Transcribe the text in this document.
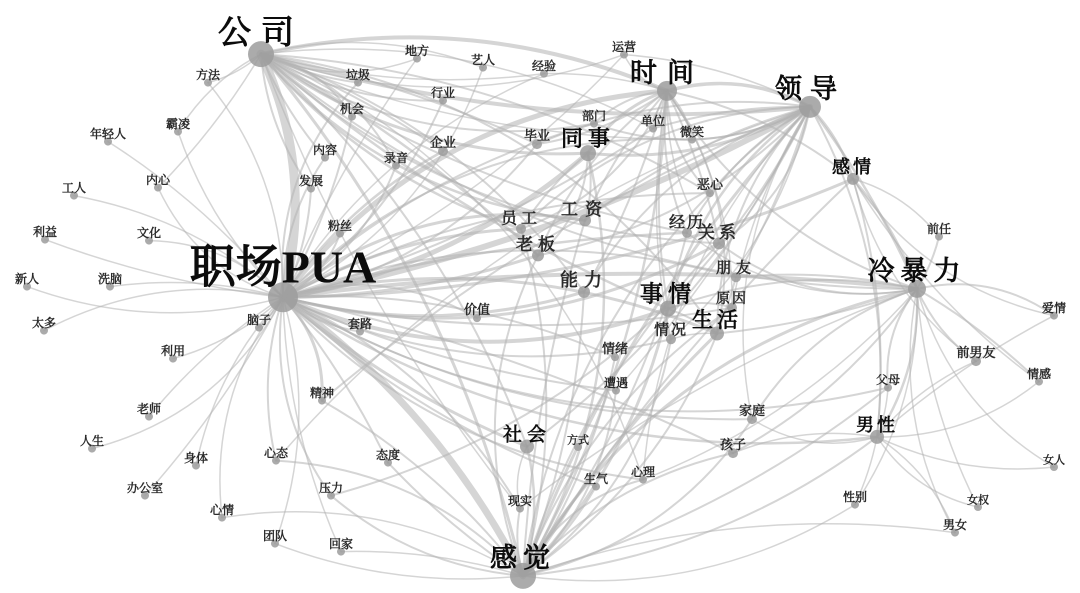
职场PUA
公司
时间
领导
冷暴力
感觉
事情
同事
生活
社会
感情
男性
能力
工资
老板
关系
员工	经历
朋友
情况
原因
毕业
企业
价值
情绪
恶心
家庭
孩子
前男友
方法
地方
垃圾
艺人	经验
运营
行业
机会
霸凌
年轻人
部门	单位
微笑
内容
录音
发展
内心
工人
利益	文化	粉丝
新人	洗脑
太多	脑子	套路
利用
遭遇
精神
老师
人生
身体	心态	态度
办公室	压力
心情
团队
回家
现实
生气 心理
父母
前任
爱情
情感
女人
性别	女权
男女
方式
